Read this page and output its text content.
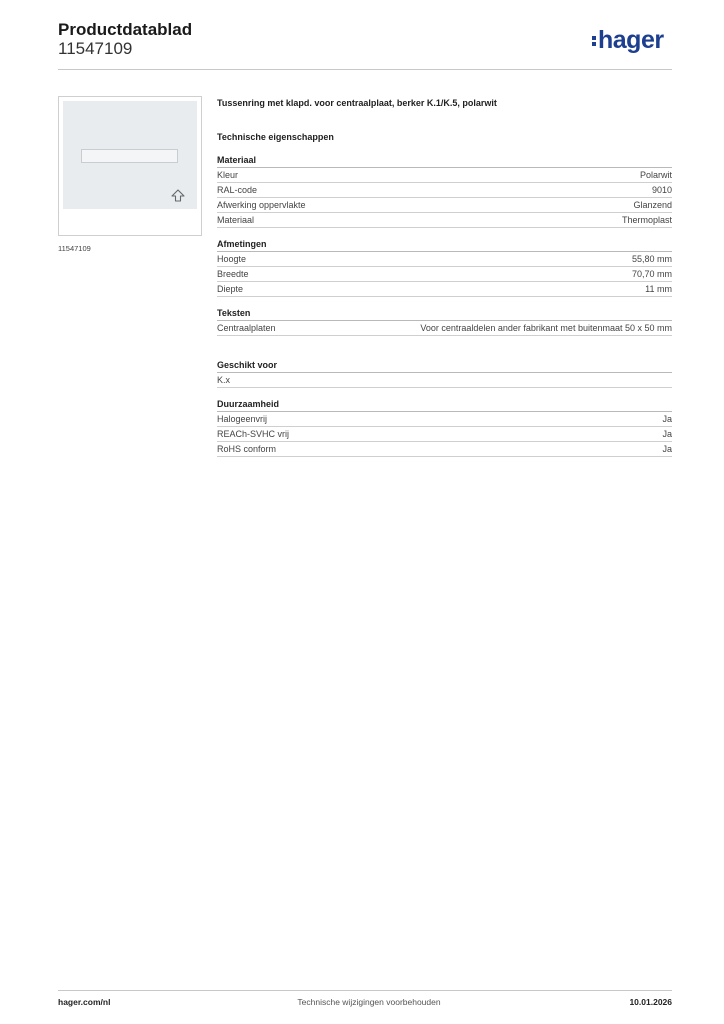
Productdatablad
11547109	hager
11547109
Tussenring met klapd. voor centraalplaat, berker K.1/K.5, polarwit
Technische eigenschappen
Materiaal
Kleur	Polarwit
RAL-code	9010
Afwerking oppervlakte	Glanzend
Materiaal	Thermoplast
Afmetingen
Hoogte	55,80 mm
Breedte	70,70 mm
Diepte	11 mm
Teksten
Centraalplaten	Voor centraaldelen ander fabrikant met buitenmaat 50 x 50 mm
Geschikt voor
K.x
Duurzaamheid
Halogeenvrij	Ja
REACh-SVHC vrij	Ja
RoHS conform	Ja
hager.com/nl	Technische wijzigingen voorbehouden	10.01.2026
